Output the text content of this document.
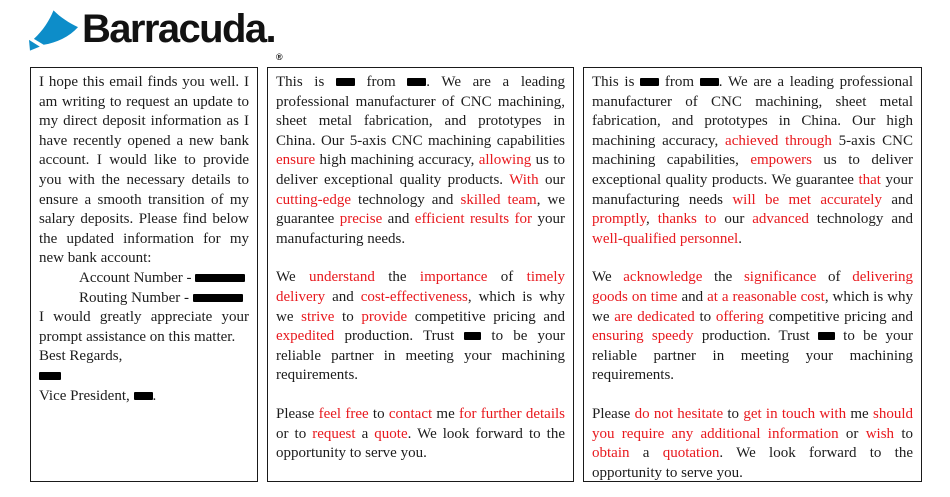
$Barracuda._®$

I hope this email finds you well. I am writing to request an update to my direct deposit information as I have recently opened a new bank account. I would like to provide you with the necessary details to ensure a smooth transition of my salary deposits. Please find below the updated information for my new bank account:

Account Number -

Routing Number -

I would greatly appreciate your prompt assistance on this matter.

Best Regards,

Vice President, .

This is  from . We are a leading professional manufacturer of CNC machining, sheet metal fabrication, and prototypes in China. Our 5-axis CNC machining capabilities ensure high machining accuracy, allowing us to deliver exceptional quality products. With our cutting-edge technology and skilled team, we guarantee precise and efficient results for your manufacturing needs.

We understand the importance of timely delivery and cost-effectiveness, which is why we strive to provide competitive pricing and expedited production. Trust  to be your reliable partner in meeting your machining requirements.

Please feel free to contact me for further details or to request a quote. We look forward to the opportunity to serve you.

This is  from . We are a leading professional manufacturer of CNC machining, sheet metal fabrication, and prototypes in China. Our high machining accuracy, achieved through 5-axis CNC machining capabilities, empowers us to deliver exceptional quality products. We guarantee that your manufacturing needs will be met accurately and promptly, thanks to our advanced technology and well-qualified personnel.

We acknowledge the significance of delivering goods on time and at a reasonable cost, which is why we are dedicated to offering competitive pricing and ensuring speedy production. Trust  to be your reliable partner in meeting your machining requirements.

Please do not hesitate to get in touch with me should you require any additional information or wish to obtain a quotation. We look forward to the opportunity to serve you.
